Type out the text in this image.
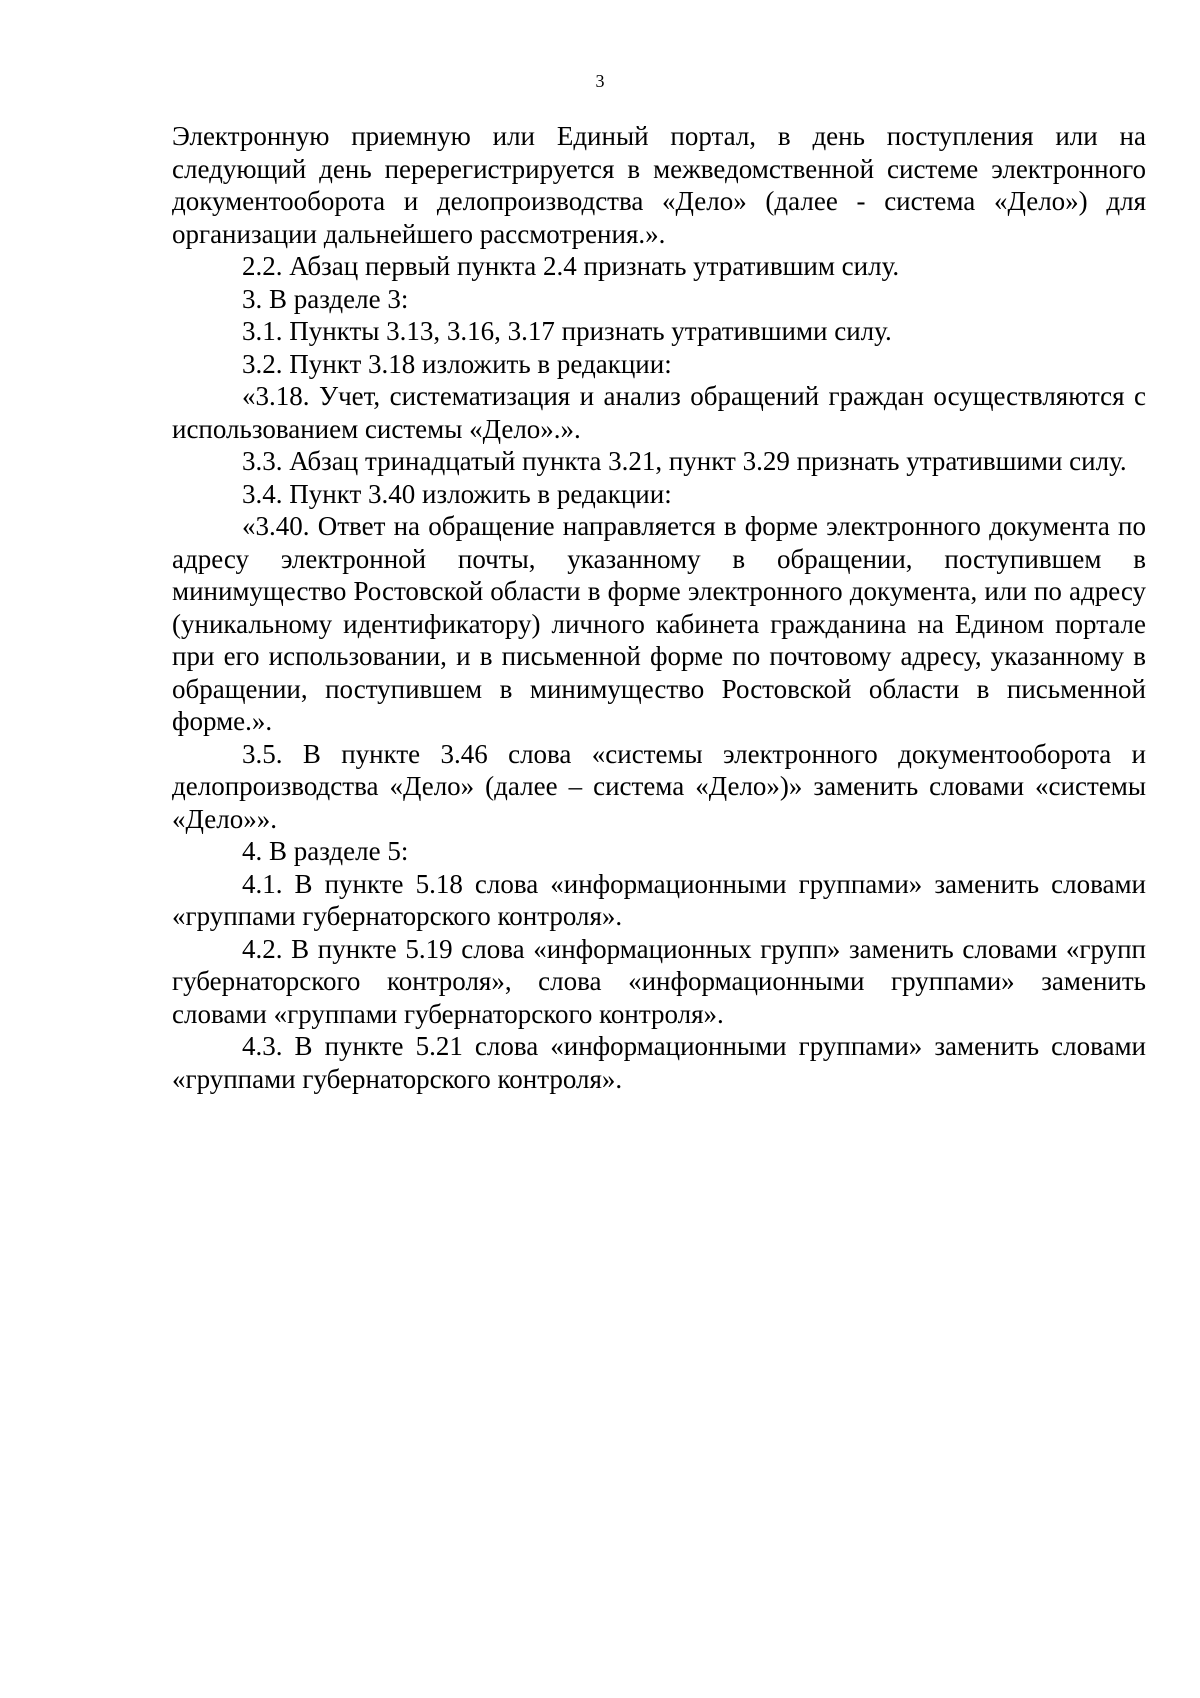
3

Электронную приемную или Единый портал, в день поступления или на следующий день перерегистрируется в межведомственной системе электронного документооборота и делопроизводства «Дело» (далее - система «Дело») для организации дальнейшего рассмотрения.».

2.2. Абзац первый пункта 2.4 признать утратившим силу.

3. В разделе 3:

3.1. Пункты 3.13, 3.16, 3.17 признать утратившими силу.

3.2. Пункт 3.18 изложить в редакции:

«3.18. Учет, систематизация и анализ обращений граждан осуществляются с использованием системы «Дело».».

3.3. Абзац тринадцатый пункта 3.21, пункт 3.29 признать утратившими силу.

3.4. Пункт 3.40 изложить в редакции:

«3.40. Ответ на обращение направляется в форме электронного документа по адресу электронной почты, указанному в обращении, поступившем в минимущество Ростовской области в форме электронного документа, или по адресу (уникальному идентификатору) личного кабинета гражданина на Едином портале при его использовании, и в письменной форме по почтовому адресу, указанному в обращении, поступившем в минимущество Ростовской области в письменной форме.».

3.5. В пункте 3.46 слова «системы электронного документооборота и делопроизводства «Дело» (далее – система «Дело»)» заменить словами «системы «Дело»».

4. В разделе 5:

4.1. В пункте 5.18 слова «информационными группами» заменить словами «группами губернаторского контроля».

4.2. В пункте 5.19 слова «информационных групп» заменить словами «групп губернаторского контроля», слова «информационными группами» заменить словами «группами губернаторского контроля».

4.3. В пункте 5.21 слова «информационными группами» заменить словами «группами губернаторского контроля».
